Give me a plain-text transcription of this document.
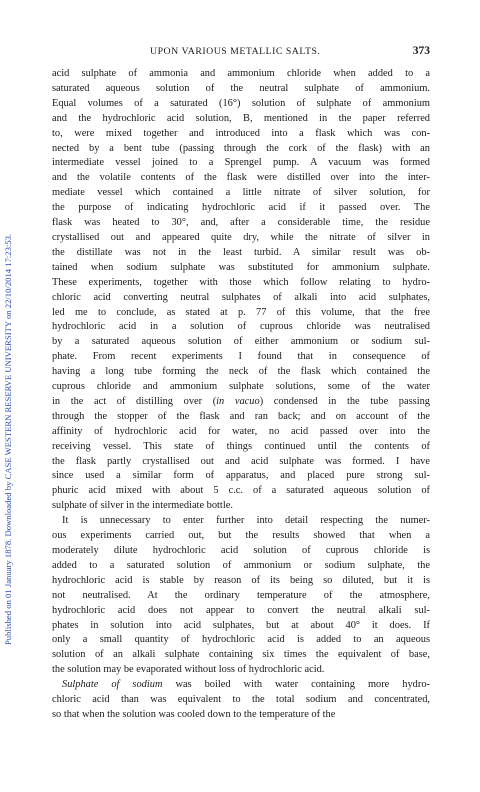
Published on 01 January 1878. Downloaded by CASE WESTERN RESERVE UNIVERSITY on 22/10/2014 17:23:53.
UPON VARIOUS METALLIC SALTS.	373
acid sulphate of ammonia and ammonium chloride when added to a
saturated aqueous solution of the neutral sulphate of ammonium.
Equal volumes of a saturated (16°) solution of sulphate of ammonium
and the hydrochloric acid solution, B, mentioned in the paper referred
to, were mixed together and introduced into a flask which was con-
nected by a bent tube (passing through the cork of the flask) with an
intermediate vessel joined to a Sprengel pump. A vacuum was formed
and the volatile contents of the flask were distilled over into the inter-
mediate vessel which contained a little nitrate of silver solution, for
the purpose of indicating hydrochloric acid if it passed over. The
flask was heated to 30°, and, after a considerable time, the residue
crystallised out and appeared quite dry, while the nitrate of silver in
the distillate was not in the least turbid. A similar result was ob-
tained when sodium sulphate was substituted for ammonium sulphate.
These experiments, together with those which follow relating to hydro-
chloric acid converting neutral sulphates of alkali into acid sulphates,
led me to conclude, as stated at p. 77 of this volume, that the free
hydrochloric acid in a solution of cuprous chloride was neutralised
by a saturated aqueous solution of either ammonium or sodium sul-
phate. From recent experiments I found that in consequence of
having a long tube forming the neck of the flask which contained the
cuprous chloride and ammonium sulphate solutions, some of the water
in the act of distilling over (in vacuo) condensed in the tube passing
through the stopper of the flask and ran back; and on account of the
affinity of hydrochloric acid for water, no acid passed over into the
receiving vessel. This state of things continued until the contents of
the flask partly crystallised out and acid sulphate was formed. I have
since used a similar form of apparatus, and placed pure strong sul-
phuric acid mixed with about 5 c.c. of a saturated aqueous solution of
sulphate of silver in the intermediate bottle.
It is unnecessary to enter further into detail respecting the numer-
ous experiments carried out, but the results showed that when a
moderately dilute hydrochloric acid solution of cuprous chloride is
added to a saturated solution of ammonium or sodium sulphate, the
hydrochloric acid is stable by reason of its being so diluted, but it is
not neutralised. At the ordinary temperature of the atmosphere,
hydrochloric acid does not appear to convert the neutral alkali sul-
phates in solution into acid sulphates, but at about 40° it does. If
only a small quantity of hydrochloric acid is added to an aqueous
solution of an alkali sulphate containing six times the equivalent of base,
the solution may be evaporated without loss of hydrochloric acid.
Sulphate of sodium was boiled with water containing more hydro-
chloric acid than was equivalent to the total sodium and concentrated,
so that when the solution was cooled down to the temperature of the
